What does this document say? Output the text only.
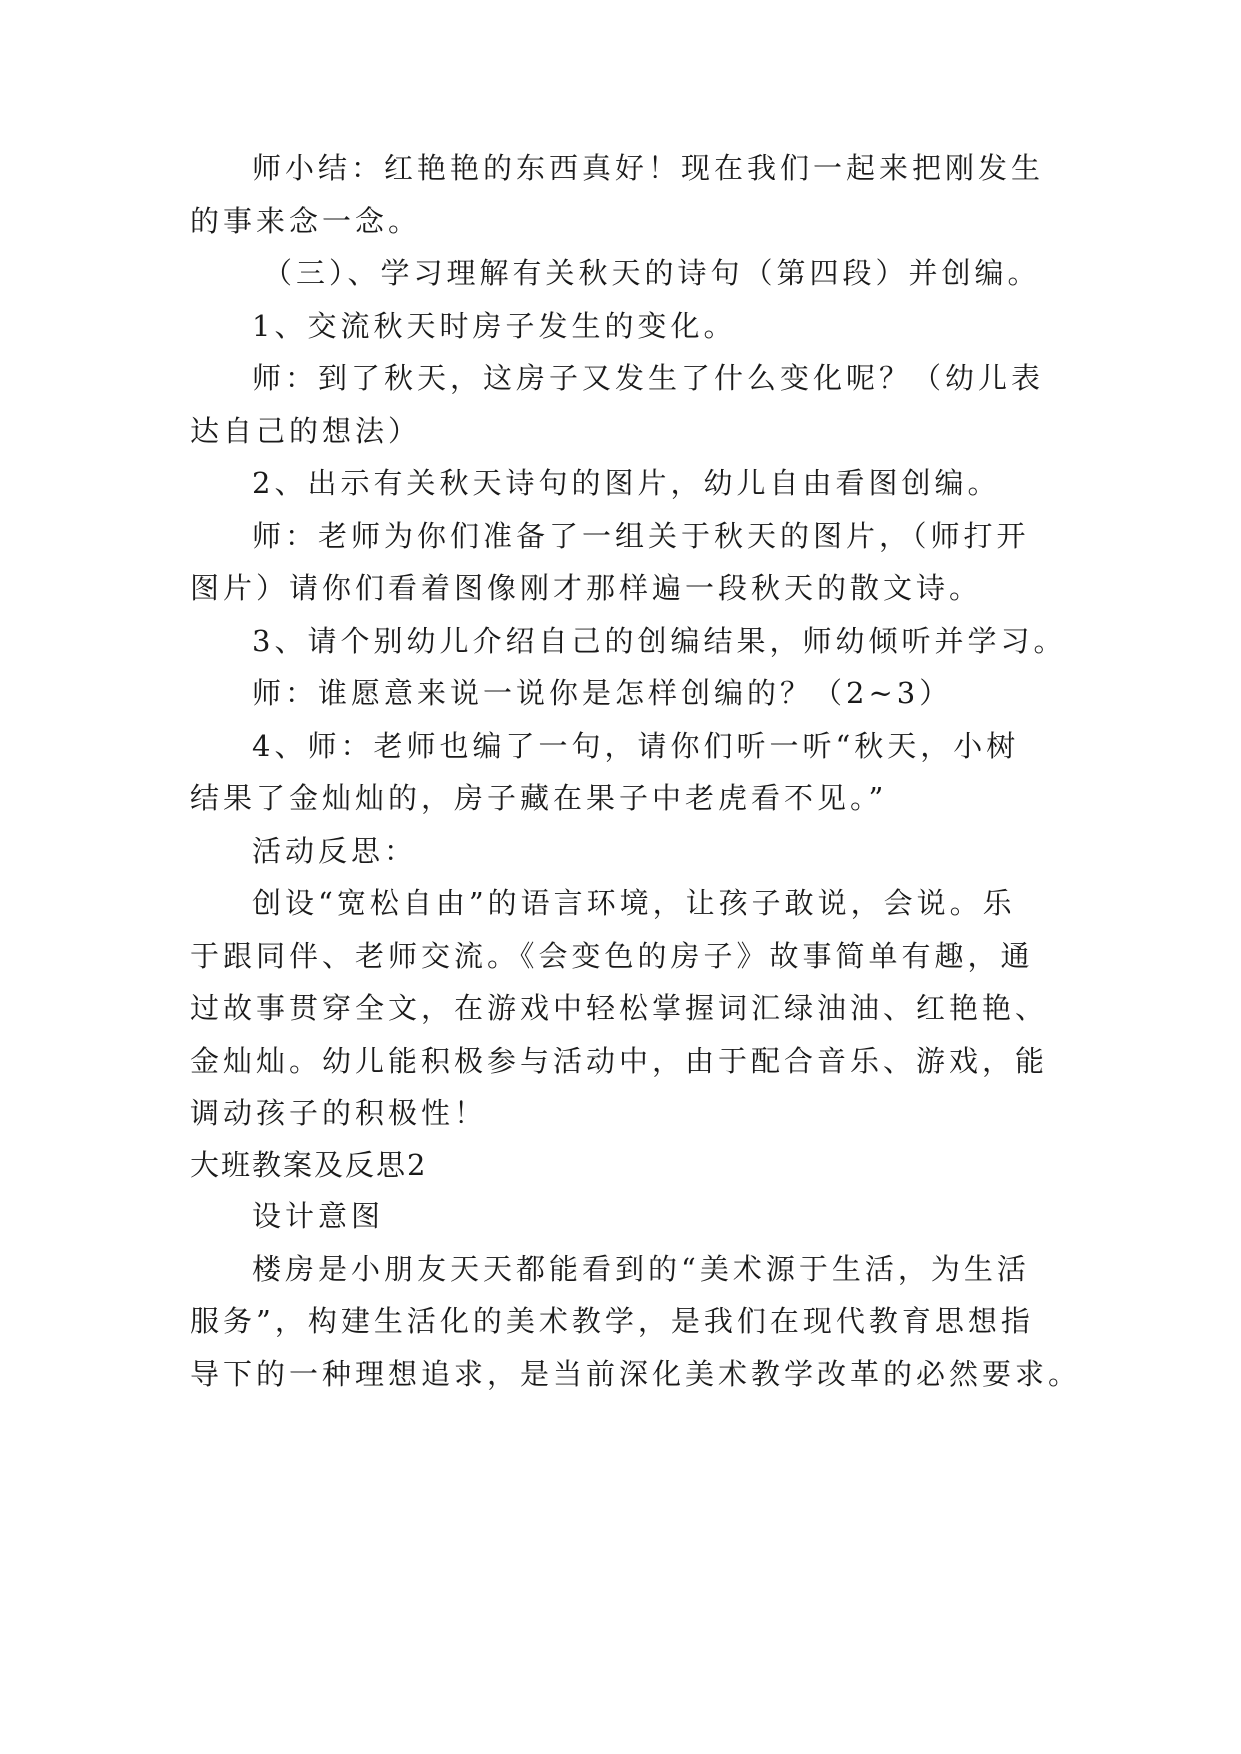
师小结：红艳艳的东西真好！现在我们一起来把刚发生
的事来念一念。
（三）、学习理解有关秋天的诗句（第四段）并创编。
1、交流秋天时房子发生的变化。
师：到了秋天，这房子又发生了什么变化呢？（幼儿表
达自己的想法）
2、出示有关秋天诗句的图片，幼儿自由看图创编。
师：老师为你们准备了一组关于秋天的图片，（师打开
图片）请你们看着图像刚才那样遍一段秋天的散文诗。
3、请个别幼儿介绍自己的创编结果，师幼倾听并学习。
师：谁愿意来说一说你是怎样创编的？（2~3）
4、师：老师也编了一句，请你们听一听“秋天，小树
结果了金灿灿的，房子藏在果子中老虎看不见。”
活动反思：
创设“宽松自由”的语言环境，让孩子敢说，会说。乐
于跟同伴、老师交流。《会变色的房子》故事简单有趣，通
过故事贯穿全文，在游戏中轻松掌握词汇绿油油、红艳艳、
金灿灿。幼儿能积极参与活动中，由于配合音乐、游戏，能
调动孩子的积极性！
大班教案及反思2
设计意图
楼房是小朋友天天都能看到的“美术源于生活，为生活
服务”，构建生活化的美术教学，是我们在现代教育思想指
导下的一种理想追求，是当前深化美术教学改革的必然要求。
